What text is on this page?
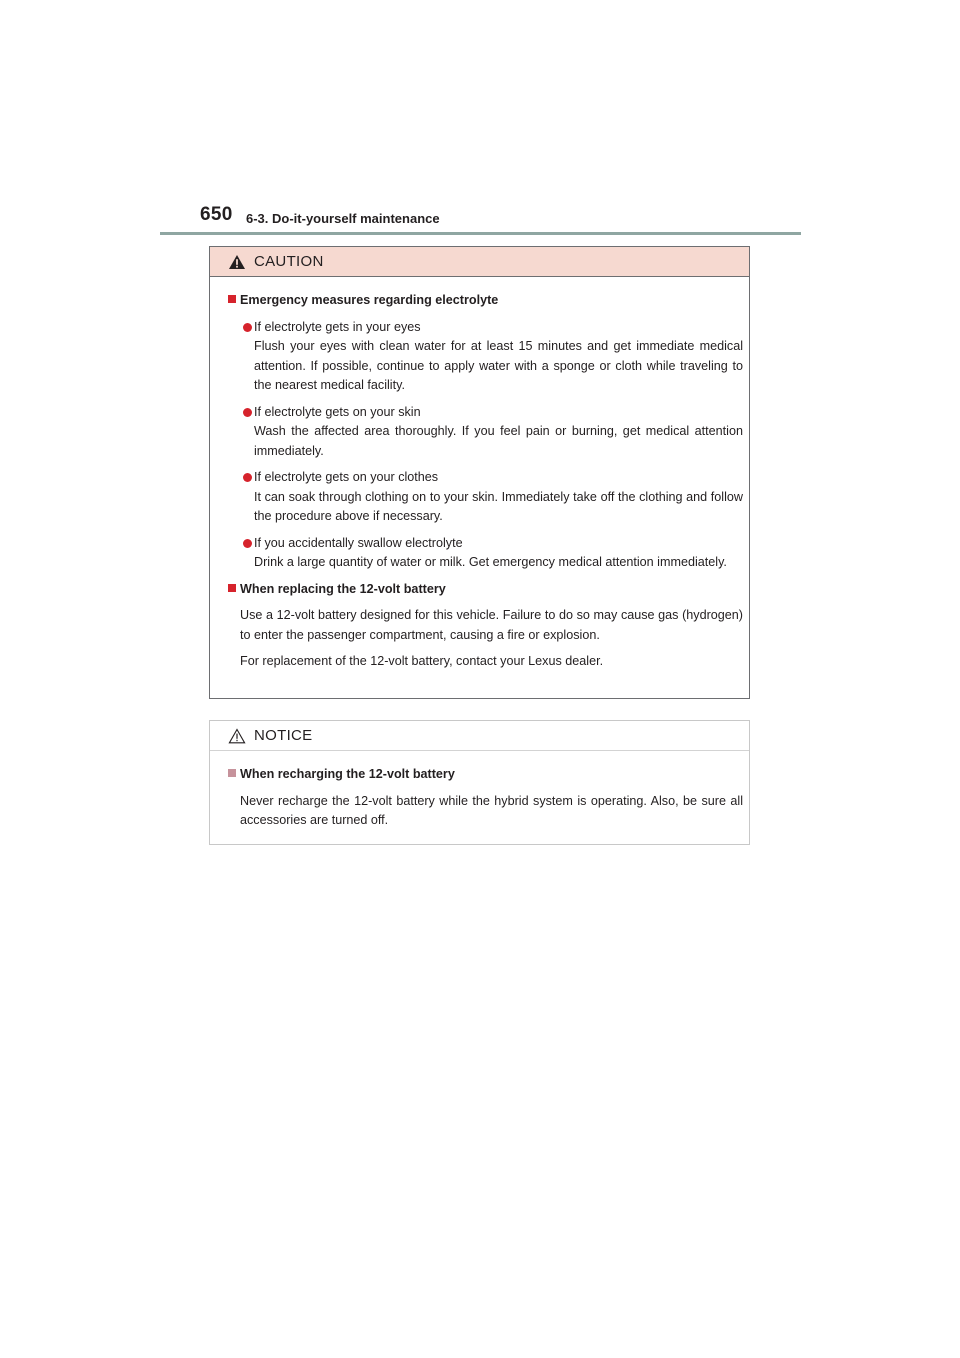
650 6-3. Do-it-yourself maintenance
CAUTION
Emergency measures regarding electrolyte
If electrolyte gets in your eyes
Flush your eyes with clean water for at least 15 minutes and get immediate medical attention. If possible, continue to apply water with a sponge or cloth while traveling to the nearest medical facility.
If electrolyte gets on your skin
Wash the affected area thoroughly. If you feel pain or burning, get medical attention immediately.
If electrolyte gets on your clothes
It can soak through clothing on to your skin. Immediately take off the clothing and follow the procedure above if necessary.
If you accidentally swallow electrolyte
Drink a large quantity of water or milk. Get emergency medical attention immediately.
When replacing the 12-volt battery

Use a 12-volt battery designed for this vehicle. Failure to do so may cause gas (hydrogen) to enter the passenger compartment, causing a fire or explosion.

For replacement of the 12-volt battery, contact your Lexus dealer.

NOTICE
When recharging the 12-volt battery

Never recharge the 12-volt battery while the hybrid system is operating. Also, be sure all accessories are turned off.
